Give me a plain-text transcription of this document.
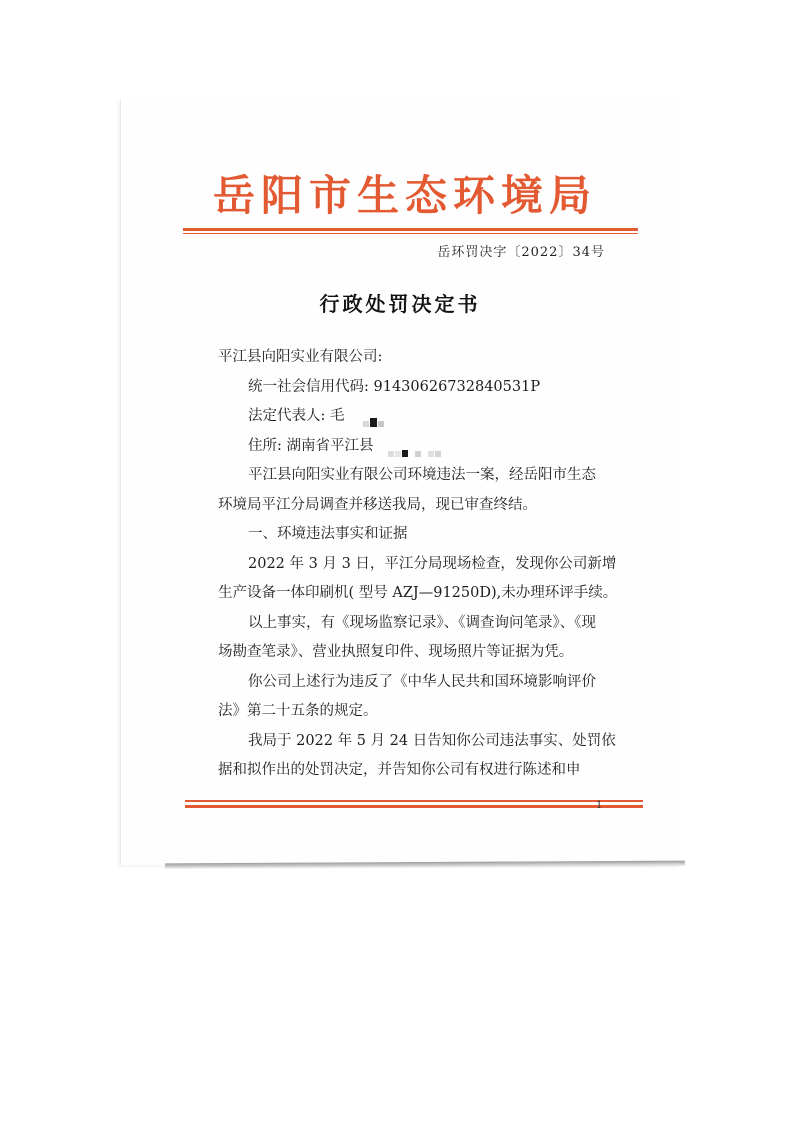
岳阳市生态环境局
岳环罚决字〔2022〕34号
行政处罚决定书

平江县向阳实业有限公司:

统一社会信用代码: 91430626732840531P

法定代表人: 毛

住所: 湖南省平江县

平江县向阳实业有限公司环境违法一案，经岳阳市生态

环境局平江分局调查并移送我局，现已审查终结。

一、环境违法事实和证据

2022 年 3 月 3 日，平江分局现场检查，发现你公司新增

生产设备一体印刷机( 型号 AZJ—91250D),未办理环评手续。

以上事实，有《现场监察记录》、《调查询问笔录》、《现

场勘查笔录》、营业执照复印件、现场照片等证据为凭。

你公司上述行为违反了《中华人民共和国环境影响评价

法》第二十五条的规定。

我局于 2022 年 5 月 24 日告知你公司违法事实、处罚依

据和拟作出的处罚决定，并告知你公司有权进行陈述和申

1
